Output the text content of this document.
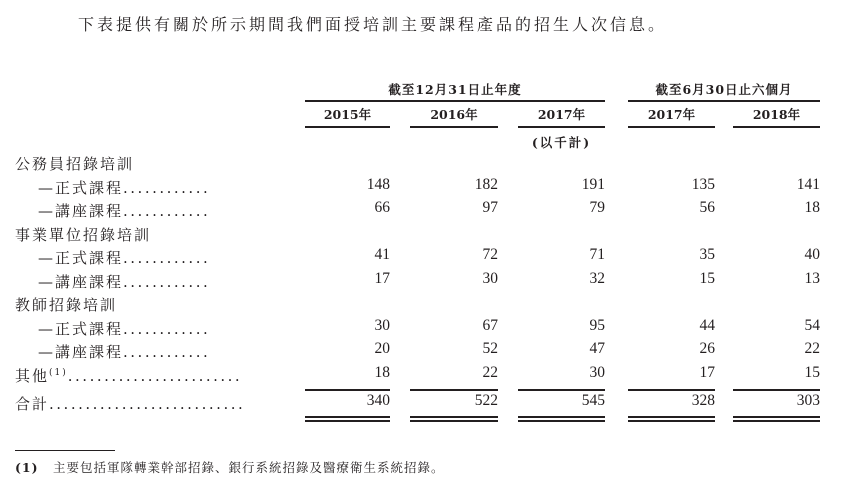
下表提供有關於所示期間我們面授培訓主要課程產品的招生人次信息。
截至12月31日止年度	截至6月30日止六個月
2015年	2016年	2017年	2017年	2018年
(以千計)
公務員招錄培訓
—正式課程............	148	182	191	135	141
—講座課程............	66	97	79	56	18
事業單位招錄培訓
—正式課程............	41	72	71	35	40
—講座課程............	17	30	32	15	13
教師招錄培訓
—正式課程............	30	67	95	44	54
—講座課程............	20	52	47	26	22
其他$^{(1)}$........................	18	22	30	17	15
合計...........................	340	522	545	328	303
(1) 主要包括軍隊轉業幹部招錄、銀行系統招錄及醫療衛生系統招錄。
